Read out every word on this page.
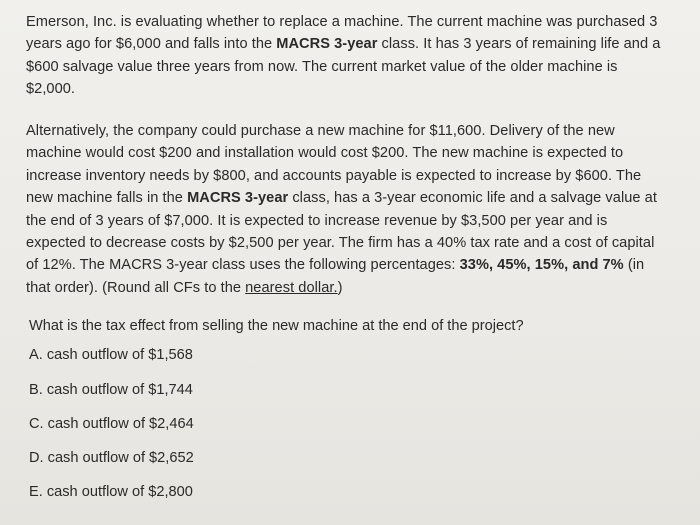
Emerson, Inc. is evaluating whether to replace a machine. The current machine was purchased 3
years ago for $6,000 and falls into the MACRS 3-year class. It has 3 years of remaining life and a
$600 salvage value three years from now. The current market value of the older machine is
$2,000.
Alternatively, the company could purchase a new machine for $11,600. Delivery of the new
machine would cost $200 and installation would cost $200. The new machine is expected to
increase inventory needs by $800, and accounts payable is expected to increase by $600. The
new machine falls in the MACRS 3-year class, has a 3-year economic life and a salvage value at
the end of 3 years of $7,000. It is expected to increase revenue by $3,500 per year and is
expected to decrease costs by $2,500 per year. The firm has a 40% tax rate and a cost of capital
of 12%. The MACRS 3-year class uses the following percentages: 33%, 45%, 15%, and 7% (in
that order). (Round all CFs to the nearest dollar.)
What is the tax effect from selling the new machine at the end of the project?
A. cash outflow of $1,568
B. cash outflow of $1,744
C. cash outflow of $2,464
D. cash outflow of $2,652
E. cash outflow of $2,800
